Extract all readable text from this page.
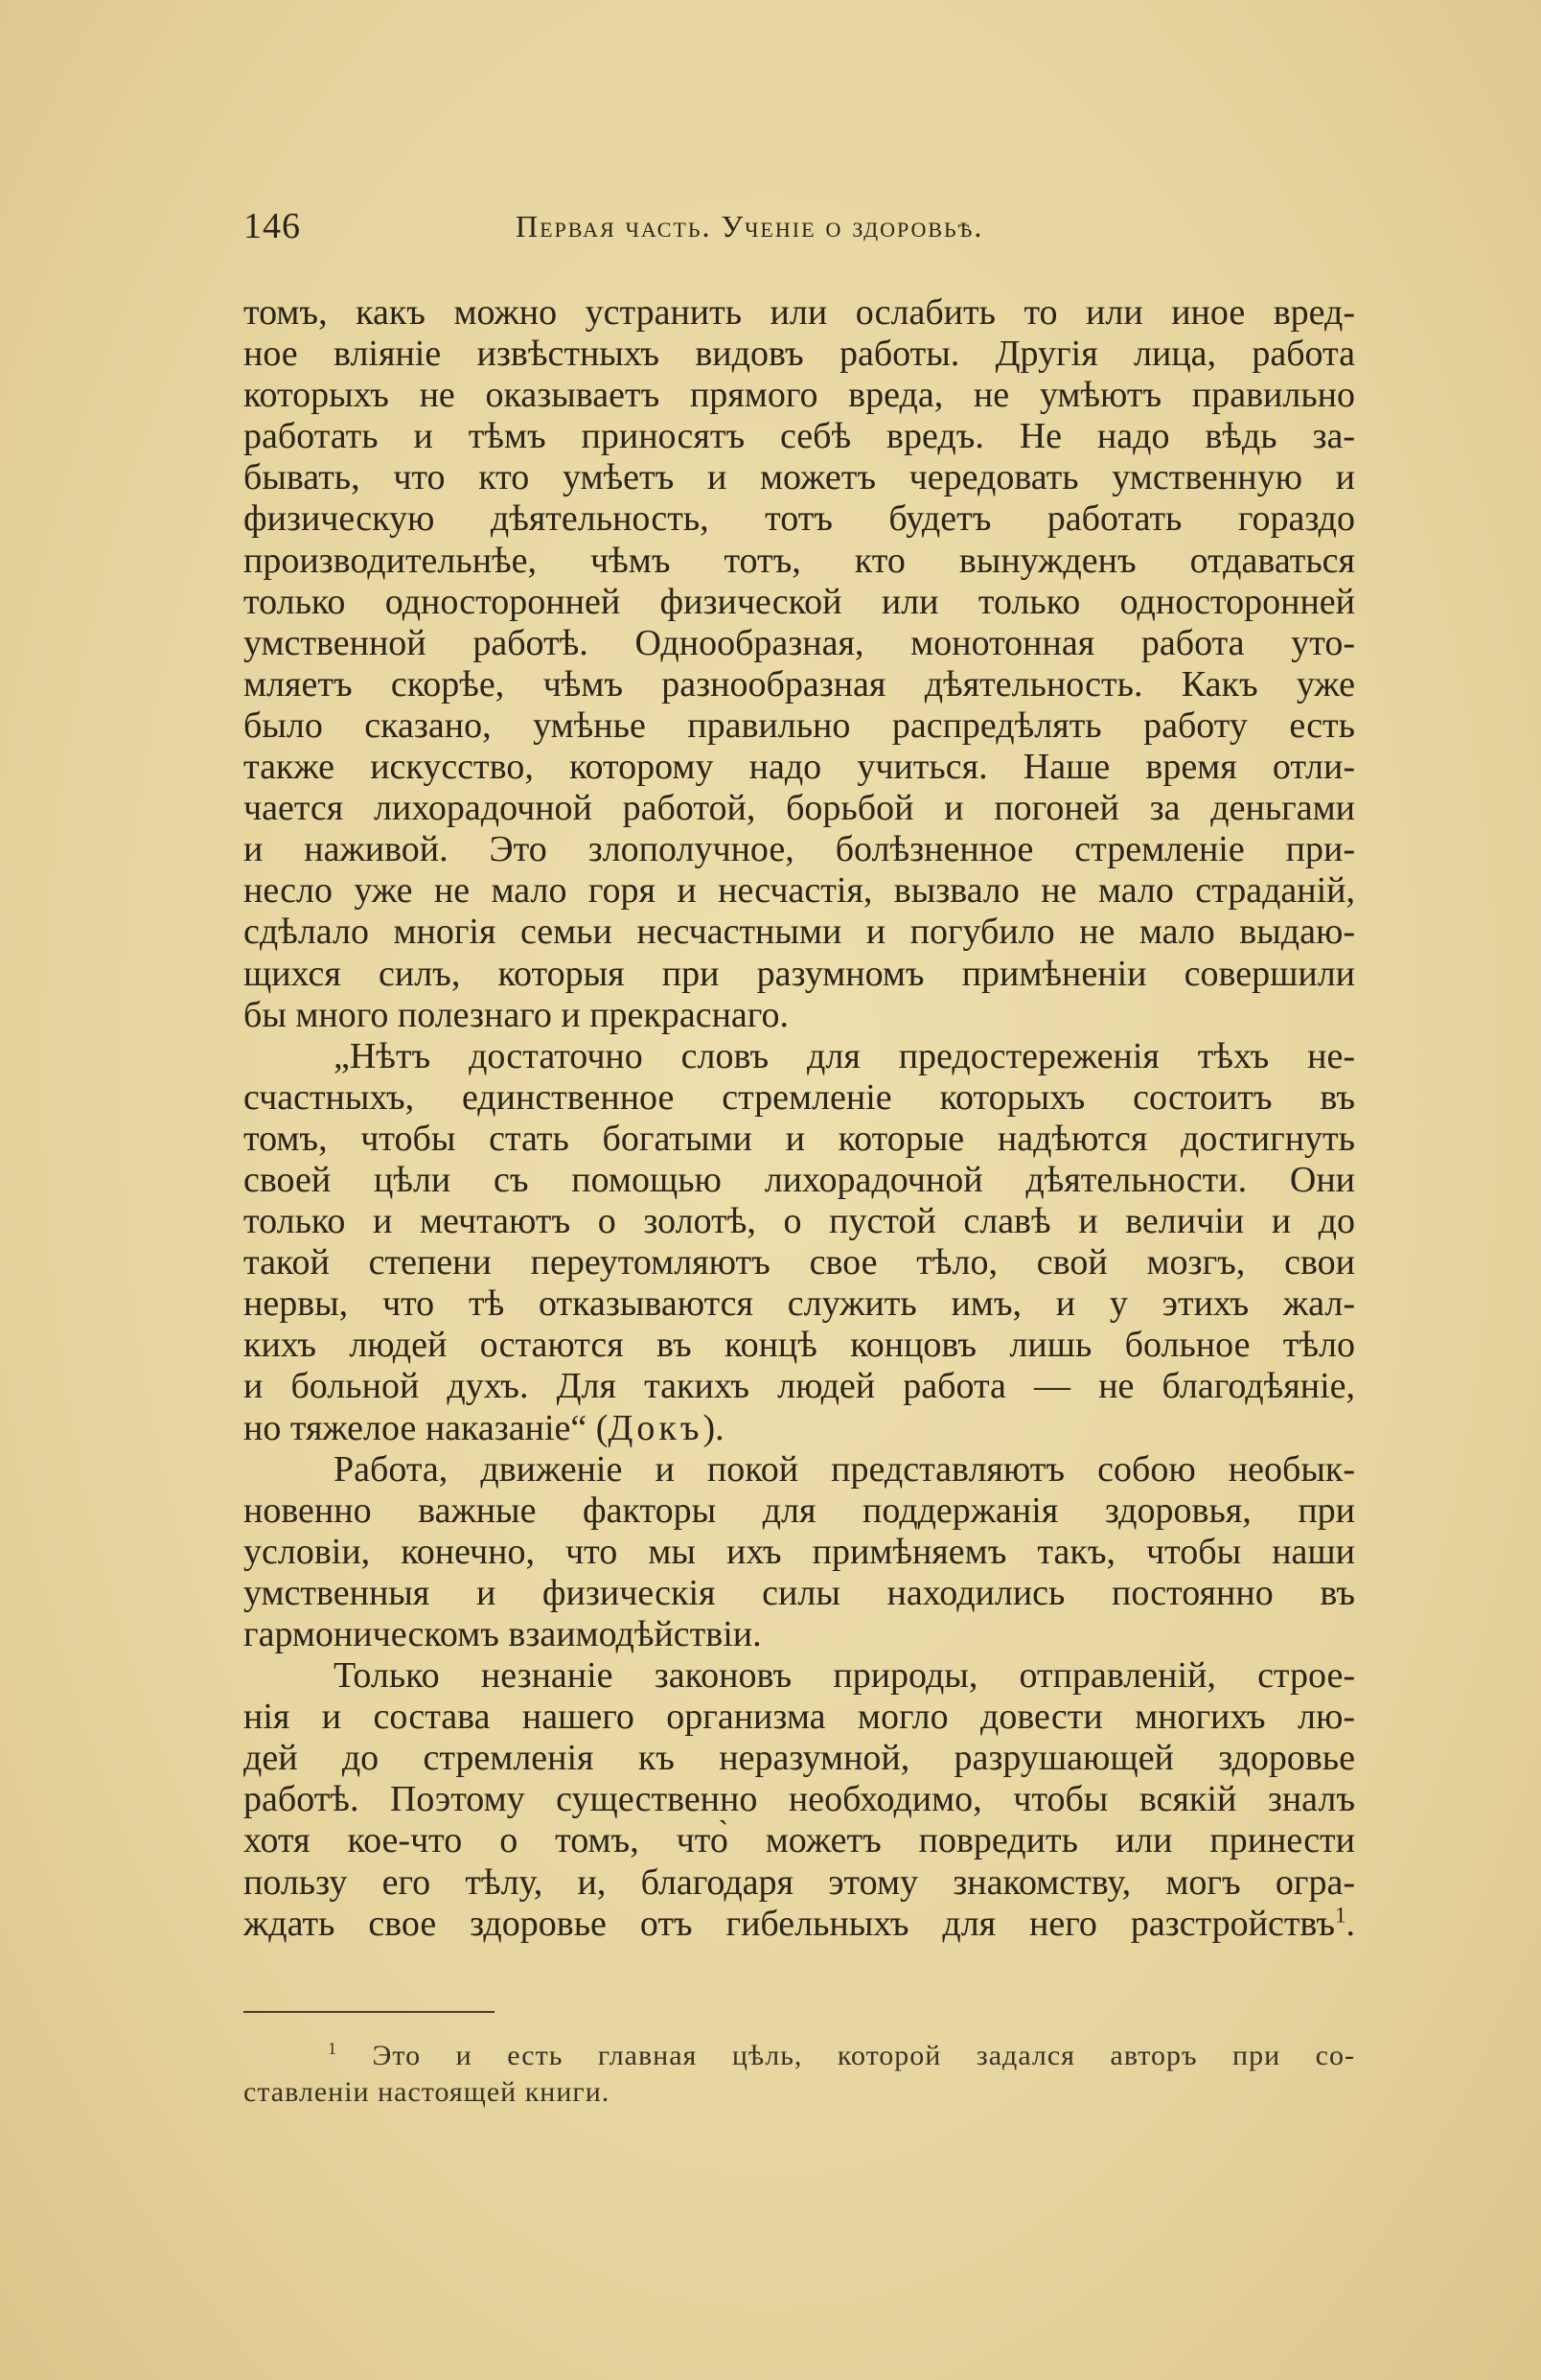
146	Первая часть. Ученіе о здоровьѣ.
томъ, какъ можно устранить или ослабить то или иное вред-
ное вліяніе извѣстныхъ видовъ работы. Другія лица, работа
которыхъ не оказываетъ прямого вреда, не умѣютъ правильно
работать и тѣмъ приносятъ себѣ вредъ. Не надо вѣдь за-
бывать, что кто умѣетъ и можетъ чередовать умственную и
физическую дѣятельность, тотъ будетъ работать гораздо
производительнѣе, чѣмъ тотъ, кто вынужденъ отдаваться
только односторонней физической или только односторонней
умственной работѣ. Однообразная, монотонная работа уто-
мляетъ скорѣе, чѣмъ разнообразная дѣятельность. Какъ уже
было сказано, умѣнье правильно распредѣлять работу есть
также искусство, которому надо учиться. Наше время отли-
чается лихорадочной работой, борьбой и погоней за деньгами
и наживой. Это злополучное, болѣзненное стремленіе при-
несло уже не мало горя и несчастія, вызвало не мало страданій,
сдѣлало многія семьи несчастными и погубило не мало выдаю-
щихся силъ, которыя при разумномъ примѣненіи совершили
бы много полезнаго и прекраснаго.
„Нѣтъ достаточно словъ для предостереженія тѣхъ не-
счастныхъ, единственное стремленіе которыхъ состоитъ въ
томъ, чтобы стать богатыми и которые надѣются достигнуть
своей цѣли съ помощью лихорадочной дѣятельности. Они
только и мечтаютъ о золотѣ, о пустой славѣ и величіи и до
такой степени переутомляютъ свое тѣло, свой мозгъ, свои
нервы, что тѣ отказываются служить имъ, и у этихъ жал-
кихъ людей остаются въ концѣ концовъ лишь больное тѣло
и больной духъ. Для такихъ людей работа — не благодѣяніе,
но тяжелое наказаніе“ (Докъ).
Работа, движеніе и покой представляютъ собою необык-
новенно важные факторы для поддержанія здоровья, при
условіи, конечно, что мы ихъ примѣняемъ такъ, чтобы наши
умственныя и физическія силы находились постоянно въ
гармоническомъ взаимодѣйствіи.
Только незнаніе законовъ природы, отправленій, строе-
нія и состава нашего организма могло довести многихъ лю-
дей до стремленія къ неразумной, разрушающей здоровье
работѣ. Поэтому существенно необходимо, чтобы всякій зналъ
хотя кое-что о томъ, что̀ можетъ повредить или принести
пользу его тѣлу, и, благодаря этому знакомству, могъ огра-
ждать свое здоровье отъ гибельныхъ для него разстройствъ$^1$.
$^1$ Это и есть главная цѣль, которой задался авторъ при со-
ставленіи настоящей книги.
